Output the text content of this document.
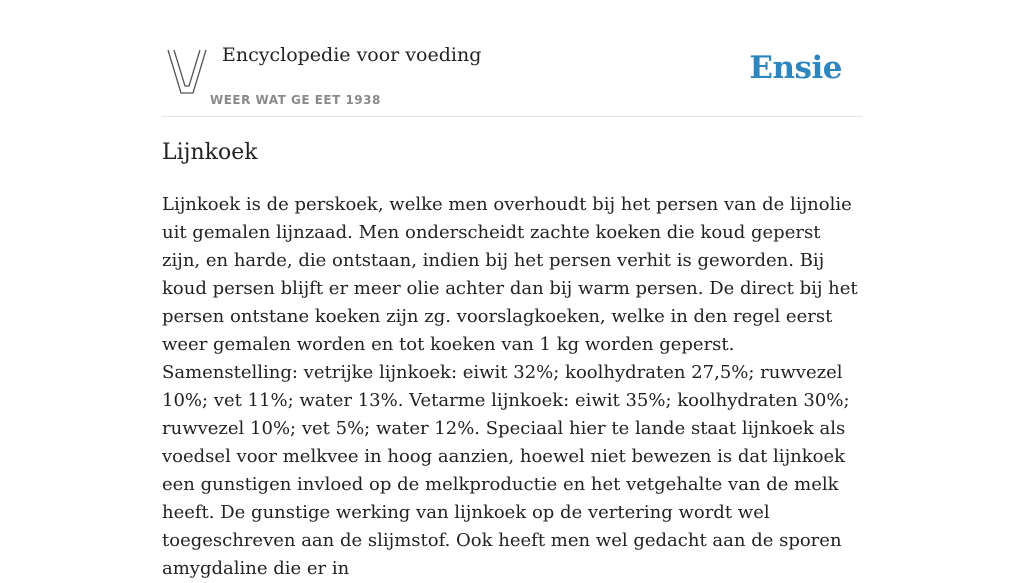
Encyclopedie voor voeding
WEER WAT GE EET 1938
Ensie
Lijnkoek

Lijnkoek is de perskoek, welke men overhoudt bij het persen van de lijnolie uit gemalen lijnzaad. Men onderscheidt zachte koeken die koud geperst zijn, en harde, die ontstaan, indien bij het persen verhit is geworden. Bij koud persen blijft er meer olie achter dan bij warm persen. De direct bij het persen ontstane koeken zijn zg. voorslagkoeken, welke in den regel eerst weer gemalen worden en tot koeken van 1 kg worden geperst. Samenstelling: vetrijke lijnkoek: eiwit 32%; koolhydraten 27,5%; ruwvezel 10%; vet 11%; water 13%. Vetarme lijnkoek: eiwit 35%; koolhydraten 30%; ruwvezel 10%; vet 5%; water 12%. Speciaal hier te lande staat lijnkoek als voedsel voor melkvee in hoog aanzien, hoewel niet bewezen is dat lijnkoek een gunstigen invloed op de melkproductie en het vetgehalte van de melk heeft. De gunstige werking van lijnkoek op de vertering wordt wel toegeschreven aan de slijmstof. Ook heeft men wel gedacht aan de sporen amygdaline die er in
